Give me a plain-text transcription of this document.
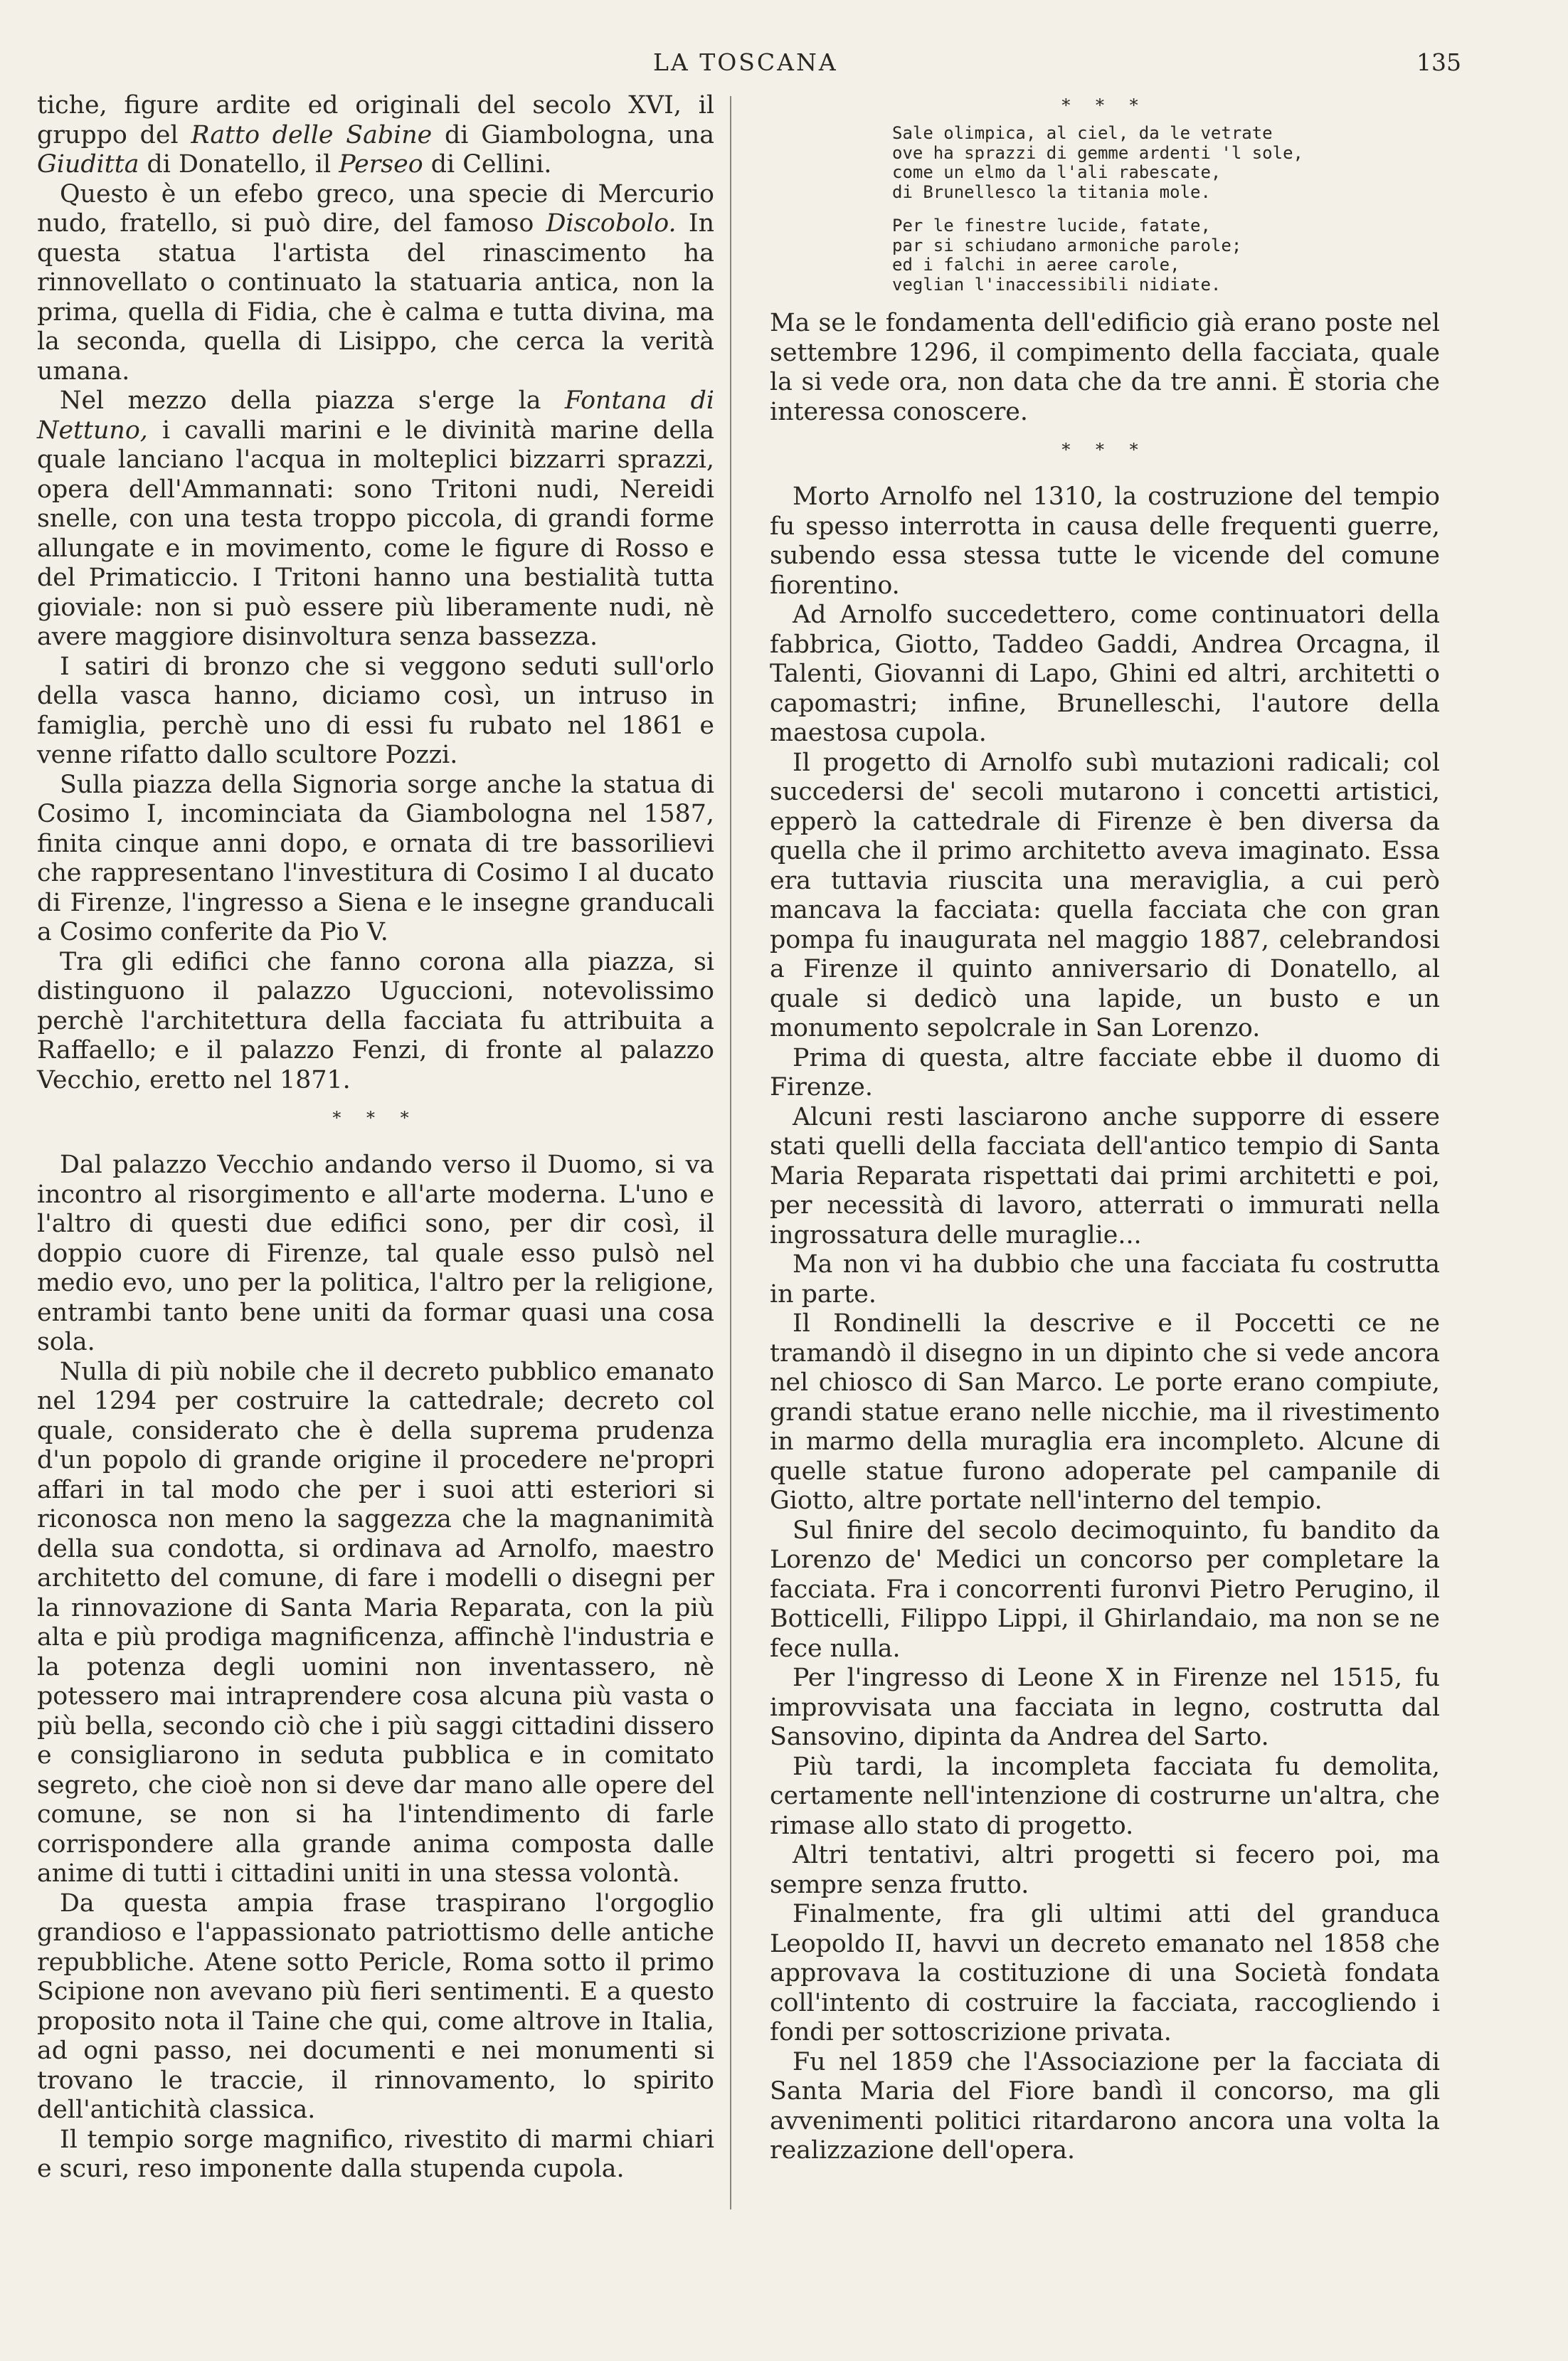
LA TOSCANA	135

tiche, figure ardite ed originali del secolo XVI, il gruppo del Ratto delle Sabine di Giambologna, una Giuditta di Donatello, il Perseo di Cellini.

Questo è un efebo greco, una specie di Mercurio nudo, fratello, si può dire, del famoso Discobolo. In questa statua l'artista del rinascimento ha rinnovellato o continuato la statuaria antica, non la prima, quella di Fidia, che è calma e tutta divina, ma la seconda, quella di Lisippo, che cerca la verità umana.

Nel mezzo della piazza s'erge la Fontana di Nettuno, i cavalli marini e le divinità marine della quale lanciano l'acqua in molteplici bizzarri sprazzi, opera dell'Ammannati: sono Tritoni nudi, Nereidi snelle, con una testa troppo piccola, di grandi forme allungate e in movimento, come le figure di Rosso e del Primaticcio. I Tritoni hanno una bestialità tutta gioviale: non si può essere più liberamente nudi, nè avere maggiore disinvoltura senza bassezza.

I satiri di bronzo che si veggono seduti sull'orlo della vasca hanno, diciamo così, un intruso in famiglia, perchè uno di essi fu rubato nel 1861 e venne rifatto dallo scultore Pozzi.

Sulla piazza della Signoria sorge anche la statua di Cosimo I, incominciata da Giambologna nel 1587, finita cinque anni dopo, e ornata di tre bassorilievi che rappresentano l'investitura di Cosimo I al ducato di Firenze, l'ingresso a Siena e le insegne granducali a Cosimo conferite da Pio V.

Tra gli edifici che fanno corona alla piazza, si distinguono il palazzo Uguccioni, notevolissimo perchè l'architettura della facciata fu attribuita a Raffaello; e il palazzo Fenzi, di fronte al palazzo Vecchio, eretto nel 1871.

* * *

Dal palazzo Vecchio andando verso il Duomo, si va incontro al risorgimento e all'arte moderna. L'uno e l'altro di questi due edifici sono, per dir così, il doppio cuore di Firenze, tal quale esso pulsò nel medio evo, uno per la politica, l'altro per la religione, entrambi tanto bene uniti da formar quasi una cosa sola.

Nulla di più nobile che il decreto pubblico emanato nel 1294 per costruire la cattedrale; decreto col quale, considerato che è della suprema prudenza d'un popolo di grande origine il procedere ne'propri affari in tal modo che per i suoi atti esteriori si riconosca non meno la saggezza che la magnanimità della sua condotta, si ordinava ad Arnolfo, maestro architetto del comune, di fare i modelli o disegni per la rinnovazione di Santa Maria Reparata, con la più alta e più prodiga magnificenza, affinchè l'industria e la potenza degli uomini non inventassero, nè potessero mai intraprendere cosa alcuna più vasta o più bella, secondo ciò che i più saggi cittadini dissero e consigliarono in seduta pubblica e in comitato segreto, che cioè non si deve dar mano alle opere del comune, se non si ha l'intendimento di farle corrispondere alla grande anima composta dalle anime di tutti i cittadini uniti in una stessa volontà.

Da questa ampia frase traspirano l'orgoglio grandioso e l'appassionato patriottismo delle antiche repubbliche. Atene sotto Pericle, Roma sotto il primo Scipione non avevano più fieri sentimenti. E a questo proposito nota il Taine che qui, come altrove in Italia, ad ogni passo, nei documenti e nei monumenti si trovano le traccie, il rinnovamento, lo spirito dell'antichità classica.

Il tempio sorge magnifico, rivestito di marmi chiari e scuri, reso imponente dalla stupenda cupola.

* * *
Sale olimpica, al ciel, da le vetrate
ove ha sprazzi di gemme ardenti 'l sole,
come un elmo da l'ali rabescate,
di Brunellesco la titania mole.
Per le finestre lucide, fatate,
par si schiudano armoniche parole;
ed i falchi in aeree carole,
veglian l'inaccessibili nidiate.

Ma se le fondamenta dell'edificio già erano poste nel settembre 1296, il compimento della facciata, quale la si vede ora, non data che da tre anni. È storia che interessa conoscere.

* * *

Morto Arnolfo nel 1310, la costruzione del tempio fu spesso interrotta in causa delle frequenti guerre, subendo essa stessa tutte le vicende del comune fiorentino.

Ad Arnolfo succedettero, come continuatori della fabbrica, Giotto, Taddeo Gaddi, Andrea Orcagna, il Talenti, Giovanni di Lapo, Ghini ed altri, architetti o capomastri; infine, Brunelleschi, l'autore della maestosa cupola.

Il progetto di Arnolfo subì mutazioni radicali; col succedersi de' secoli mutarono i concetti artistici, epperò la cattedrale di Firenze è ben diversa da quella che il primo architetto aveva imaginato. Essa era tuttavia riuscita una meraviglia, a cui però mancava la facciata: quella facciata che con gran pompa fu inaugurata nel maggio 1887, celebrandosi a Firenze il quinto anniversario di Donatello, al quale si dedicò una lapide, un busto e un monumento sepolcrale in San Lorenzo.

Prima di questa, altre facciate ebbe il duomo di Firenze.

Alcuni resti lasciarono anche supporre di essere stati quelli della facciata dell'antico tempio di Santa Maria Reparata rispettati dai primi architetti e poi, per necessità di lavoro, atterrati o immurati nella ingrossatura delle muraglie...

Ma non vi ha dubbio che una facciata fu costrutta in parte.

Il Rondinelli la descrive e il Poccetti ce ne tramandò il disegno in un dipinto che si vede ancora nel chiosco di San Marco. Le porte erano compiute, grandi statue erano nelle nicchie, ma il rivestimento in marmo della muraglia era incompleto. Alcune di quelle statue furono adoperate pel campanile di Giotto, altre portate nell'interno del tempio.

Sul finire del secolo decimoquinto, fu bandito da Lorenzo de' Medici un concorso per completare la facciata. Fra i concorrenti furonvi Pietro Perugino, il Botticelli, Filippo Lippi, il Ghirlandaio, ma non se ne fece nulla.

Per l'ingresso di Leone X in Firenze nel 1515, fu improvvisata una facciata in legno, costrutta dal Sansovino, dipinta da Andrea del Sarto.

Più tardi, la incompleta facciata fu demolita, certamente nell'intenzione di costrurne un'altra, che rimase allo stato di progetto.

Altri tentativi, altri progetti si fecero poi, ma sempre senza frutto.

Finalmente, fra gli ultimi atti del granduca Leopoldo II, havvi un decreto emanato nel 1858 che approvava la costituzione di una Società fondata coll'intento di costruire la facciata, raccogliendo i fondi per sottoscrizione privata.

Fu nel 1859 che l'Associazione per la facciata di Santa Maria del Fiore bandì il concorso, ma gli avvenimenti politici ritardarono ancora una volta la realizzazione dell'opera.
